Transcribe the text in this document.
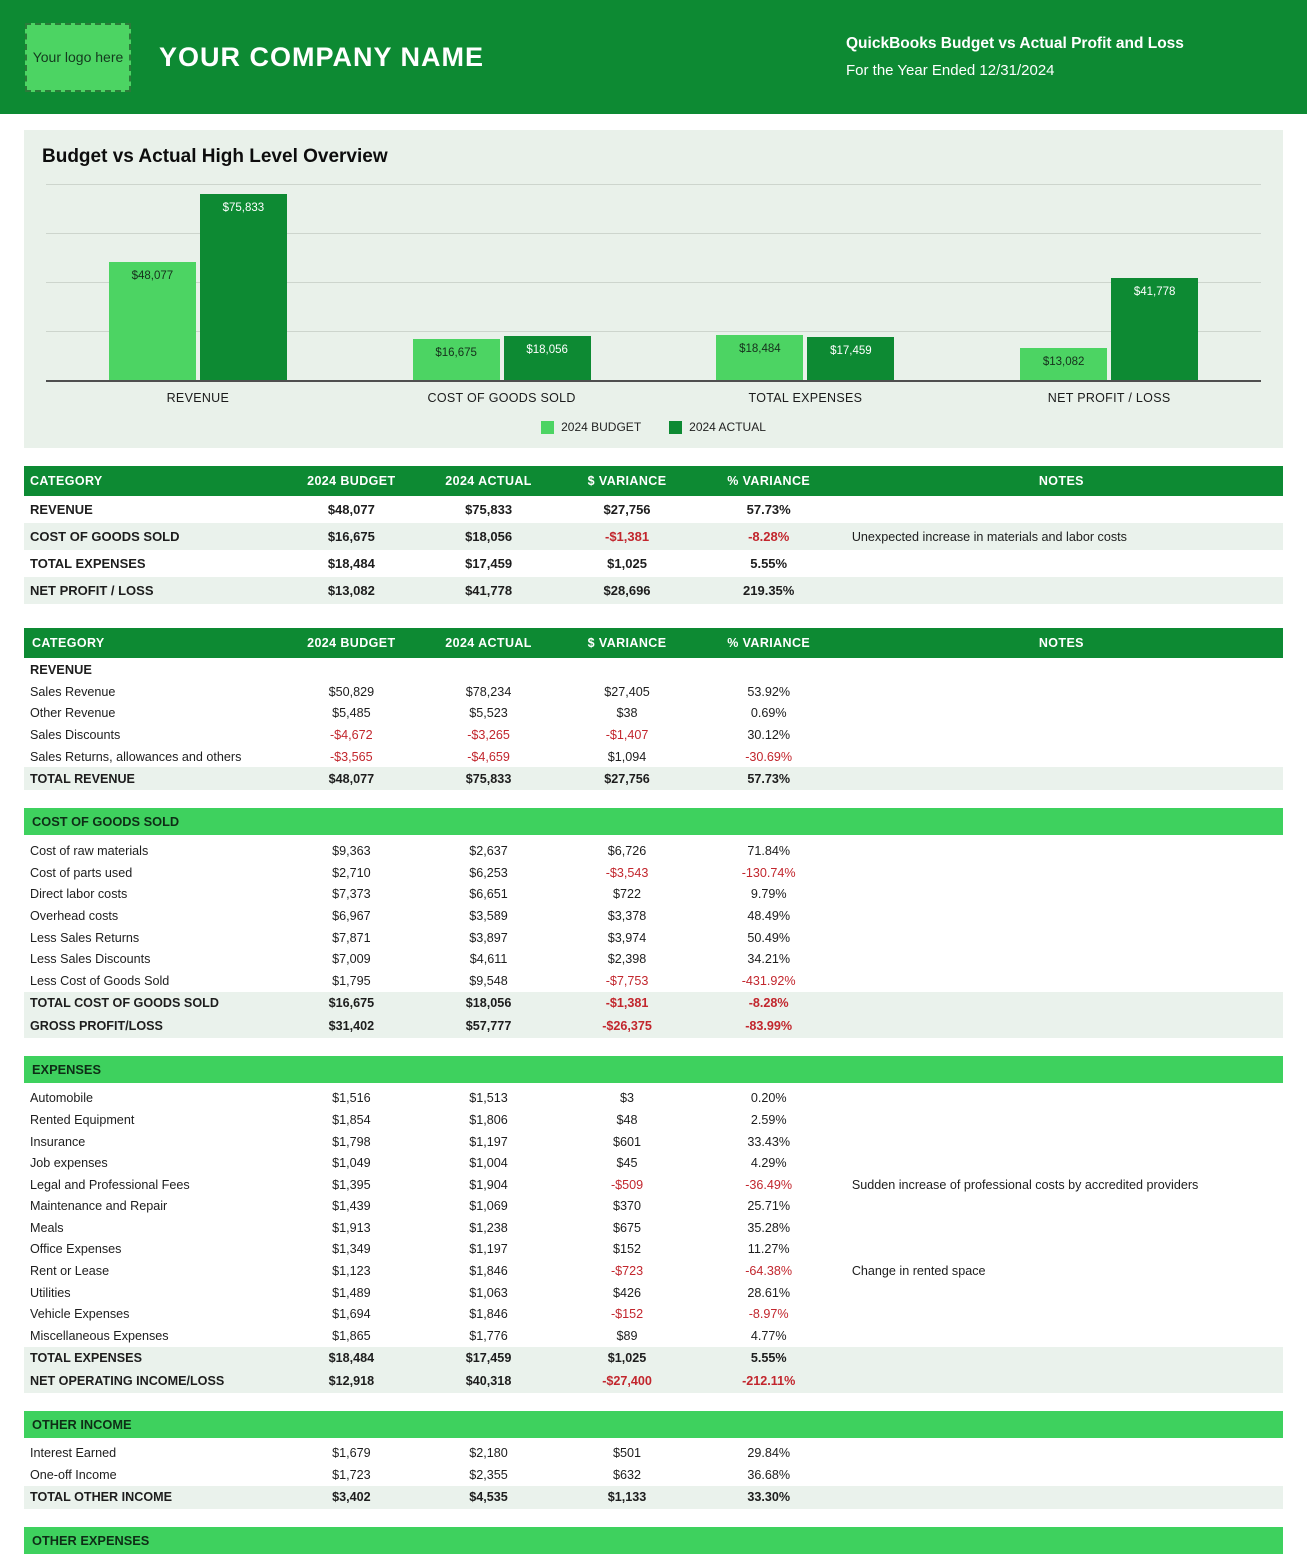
Your logo here YOUR COMPANY NAME	QuickBooks Budget vs Actual Profit and Loss
For the Year Ended 12/31/2024
Budget vs Actual High Level Overview
$48,077
$75,833
$16,675	$18,056	$18,484	$17,459
$13,082
$41,778
REVENUE	COST OF GOODS SOLD	TOTAL EXPENSES	NET PROFIT / LOSS
2024 BUDGET	2024 ACTUAL
CATEGORY	2024 BUDGET	2024 ACTUAL	$ VARIANCE	% VARIANCE	NOTES
REVENUE	$48,077	$75,833	$27,756	57.73%
COST OF GOODS SOLD	$16,675	$18,056	-$1,381	-8.28%	Unexpected increase in materials and labor costs
TOTAL EXPENSES	$18,484	$17,459	$1,025	5.55%
NET PROFIT / LOSS	$13,082	$41,778	$28,696	219.35%
CATEGORY	2024 BUDGET	2024 ACTUAL	$ VARIANCE	% VARIANCE	NOTES
REVENUE
Sales Revenue	$50,829	$78,234	$27,405	53.92%
Other Revenue	$5,485	$5,523	$38	0.69%
Sales Discounts	-$4,672	-$3,265	-$1,407	30.12%
Sales Returns, allowances and others	-$3,565	-$4,659	$1,094	-30.69%
TOTAL REVENUE	$48,077	$75,833	$27,756	57.73%
COST OF GOODS SOLD
Cost of raw materials	$9,363	$2,637	$6,726	71.84%
Cost of parts used	$2,710	$6,253	-$3,543	-130.74%
Direct labor costs	$7,373	$6,651	$722	9.79%
Overhead costs	$6,967	$3,589	$3,378	48.49%
Less Sales Returns	$7,871	$3,897	$3,974	50.49%
Less Sales Discounts	$7,009	$4,611	$2,398	34.21%
Less Cost of Goods Sold	$1,795	$9,548	-$7,753	-431.92%
TOTAL COST OF GOODS SOLD	$16,675	$18,056	-$1,381	-8.28%
GROSS PROFIT/LOSS	$31,402	$57,777	-$26,375	-83.99%
EXPENSES
Automobile	$1,516	$1,513	$3	0.20%
Rented Equipment	$1,854	$1,806	$48	2.59%
Insurance	$1,798	$1,197	$601	33.43%
Job expenses	$1,049	$1,004	$45	4.29%
Legal and Professional Fees	$1,395	$1,904	-$509	-36.49%	Sudden increase of professional costs by accredited providers
Maintenance and Repair	$1,439	$1,069	$370	25.71%
Meals	$1,913	$1,238	$675	35.28%
Office Expenses	$1,349	$1,197	$152	11.27%
Rent or Lease	$1,123	$1,846	-$723	-64.38%	Change in rented space
Utilities	$1,489	$1,063	$426	28.61%
Vehicle Expenses	$1,694	$1,846	-$152	-8.97%
Miscellaneous Expenses	$1,865	$1,776	$89	4.77%
TOTAL EXPENSES	$18,484	$17,459	$1,025	5.55%
NET OPERATING INCOME/LOSS	$12,918	$40,318	-$27,400	-212.11%
OTHER INCOME
Interest Earned	$1,679	$2,180	$501	29.84%
One-off Income	$1,723	$2,355	$632	36.68%
TOTAL OTHER INCOME	$3,402	$4,535	$1,133	33.30%
OTHER EXPENSES
